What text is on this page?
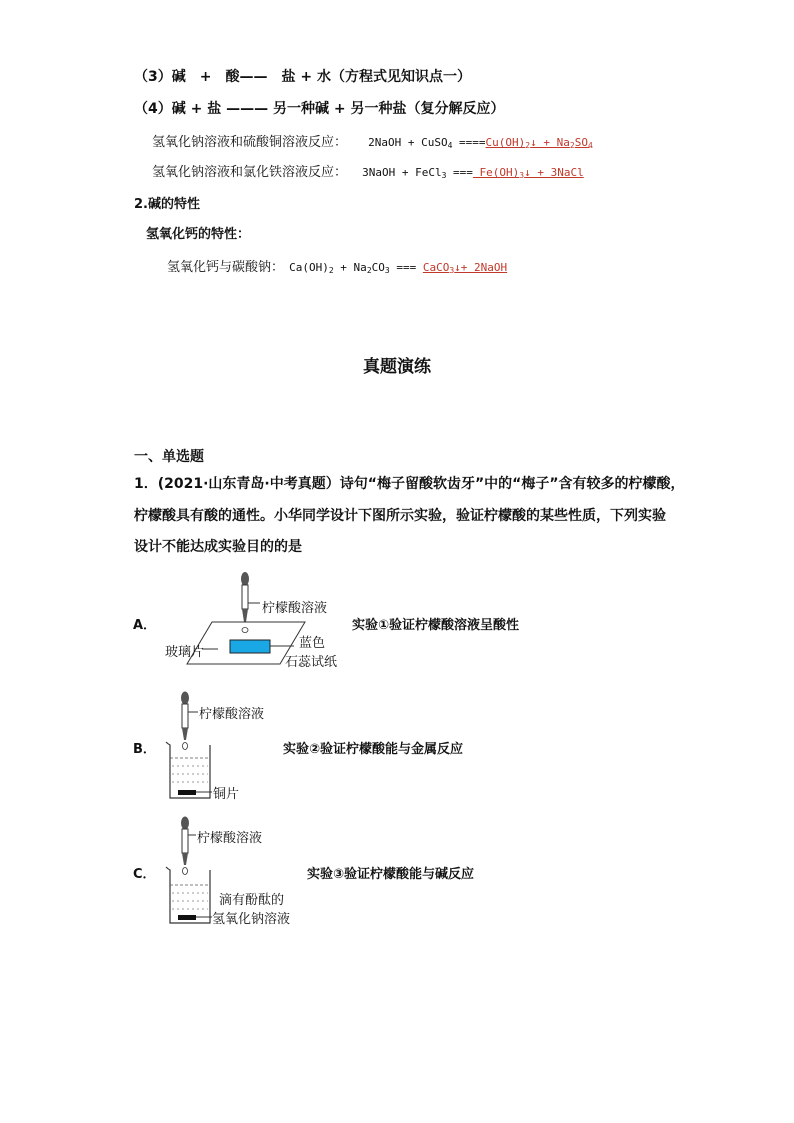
（3）碱　+　酸——　盐 + 水（方程式见知识点一）
（4）碱 + 盐 ——— 另一种碱 + 另一种盐（复分解反应）
氢氧化钠溶液和硫酸铜溶液反应： 2NaOH + CuSO$_4$ $====Cu(OH)_2↓ + Na_2SO_4$
氢氧化钠溶液和氯化铁溶液反应： 3NaOH + FeCl$_3$ === $Fe(OH)_3↓$ + 3NaCl
2.碱的特性
氢氧化钙的特性：
氢氧化钙与碳酸钠： $Ca(OH)_2 + Na_2CO_3$ === CaCO$_3$↓+ 2NaOH
真题演练
一、单选题
1．(2021·山东青岛·中考真题）诗句“梅子留酸软齿牙”中的“梅子”含有较多的柠檬酸，
柠檬酸具有酸的通性。小华同学设计下图所示实验，验证柠檬酸的某些性质，下列实验
设计不能达成实验目的的是
A．
柠檬酸溶液
玻璃片
蓝色
石蕊试纸
实验①验证柠檬酸溶液呈酸性
B．
柠檬酸溶液
铜片
实验②验证柠檬酸能与金属反应
C．
柠檬酸溶液
滴有酚酞的
氢氧化钠溶液
实验③验证柠檬酸能与碱反应
